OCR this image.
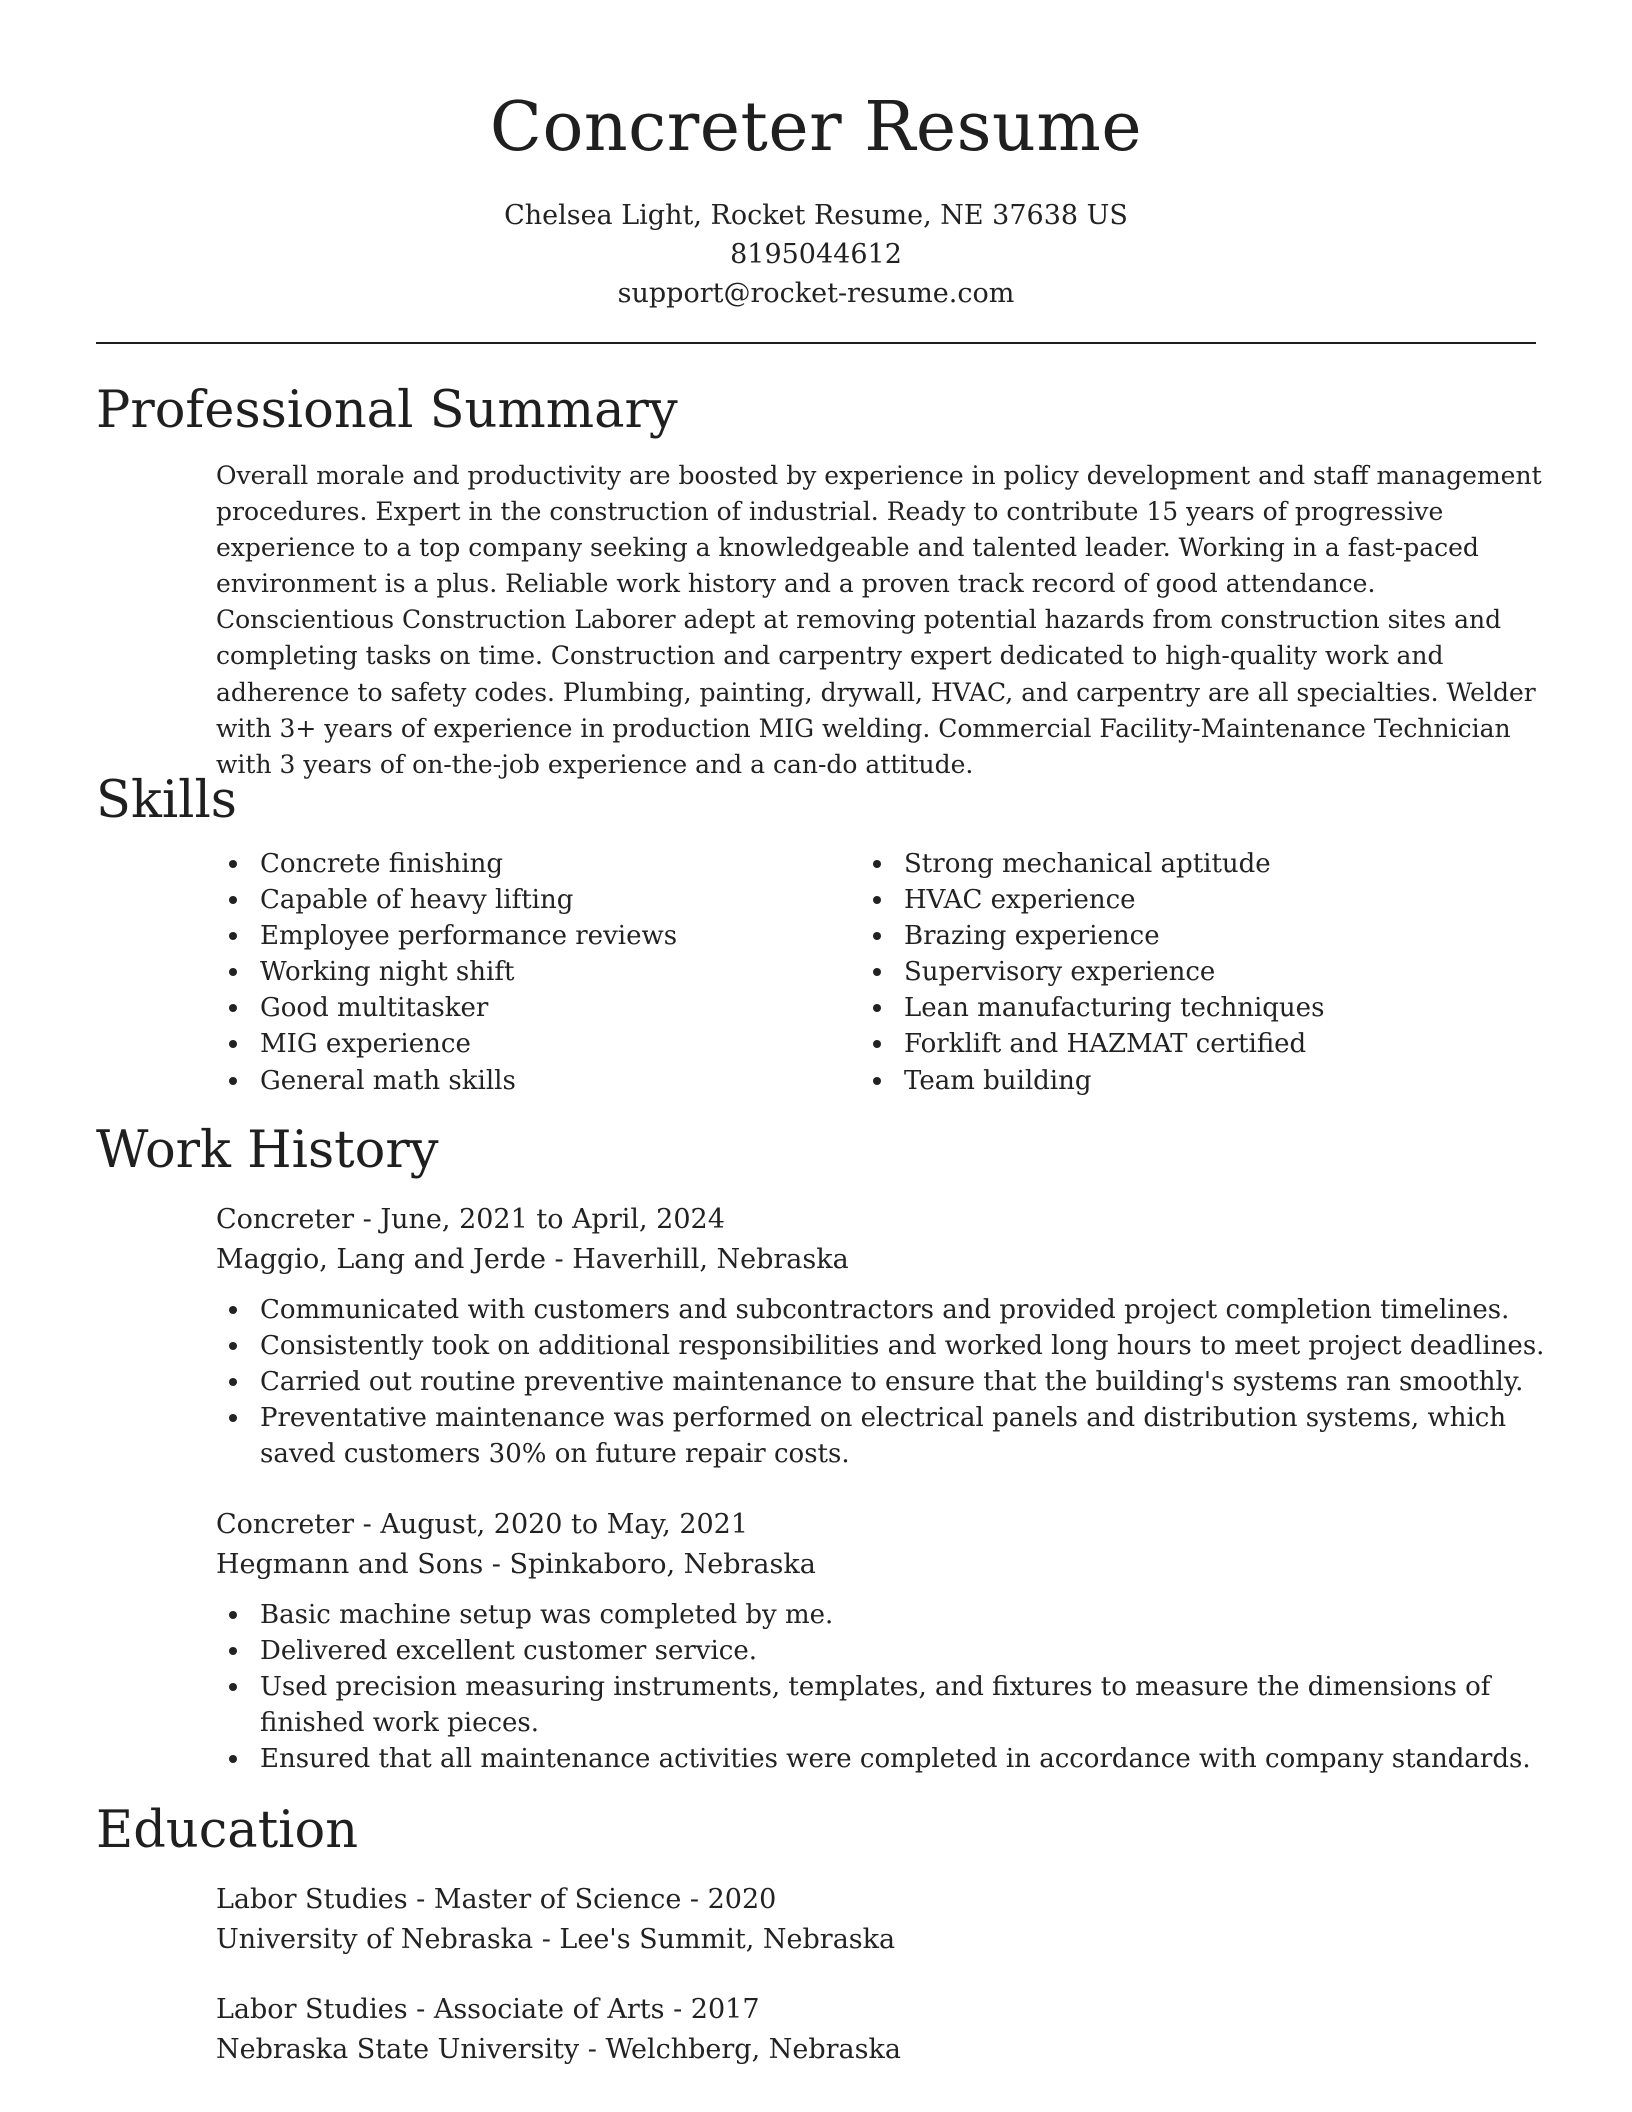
Concreter Resume
Chelsea Light, Rocket Resume, NE 37638 US
8195044612
support@rocket-resume.com
Professional Summary

Overall morale and productivity are boosted by experience in policy development and staff management procedures. Expert in the construction of industrial. Ready to contribute 15 years of progressive experience to a top company seeking a knowledgeable and talented leader. Working in a fast-paced environment is a plus. Reliable work history and a proven track record of good attendance. Conscientious Construction Laborer adept at removing potential hazards from construction sites and completing tasks on time. Construction and carpentry expert dedicated to high-quality work and adherence to safety codes. Plumbing, painting, drywall, HVAC, and carpentry are all specialties. Welder with 3+ years of experience in production MIG welding. Commercial Facility-Maintenance Technician with 3 years of on-the-job experience and a can-do attitude.

Skills
Concrete finishing
Capable of heavy lifting
Employee performance reviews
Working night shift
Good multitasker
MIG experience
General math skills
Strong mechanical aptitude
HVAC experience
Brazing experience
Supervisory experience
Lean manufacturing techniques
Forklift and HAZMAT certified
Team building
Work History
Concreter - June, 2021 to April, 2024
Maggio, Lang and Jerde - Haverhill, Nebraska
Communicated with customers and subcontractors and provided project completion timelines.
Consistently took on additional responsibilities and worked long hours to meet project deadlines.
Carried out routine preventive maintenance to ensure that the building's systems ran smoothly.
Preventative maintenance was performed on electrical panels and distribution systems, which saved customers 30% on future repair costs.
Concreter - August, 2020 to May, 2021
Hegmann and Sons - Spinkaboro, Nebraska
Basic machine setup was completed by me.
Delivered excellent customer service.
Used precision measuring instruments, templates, and fixtures to measure the dimensions of finished work pieces.
Ensured that all maintenance activities were completed in accordance with company standards.
Education
Labor Studies - Master of Science - 2020
University of Nebraska - Lee's Summit, Nebraska
Labor Studies - Associate of Arts - 2017
Nebraska State University - Welchberg, Nebraska
